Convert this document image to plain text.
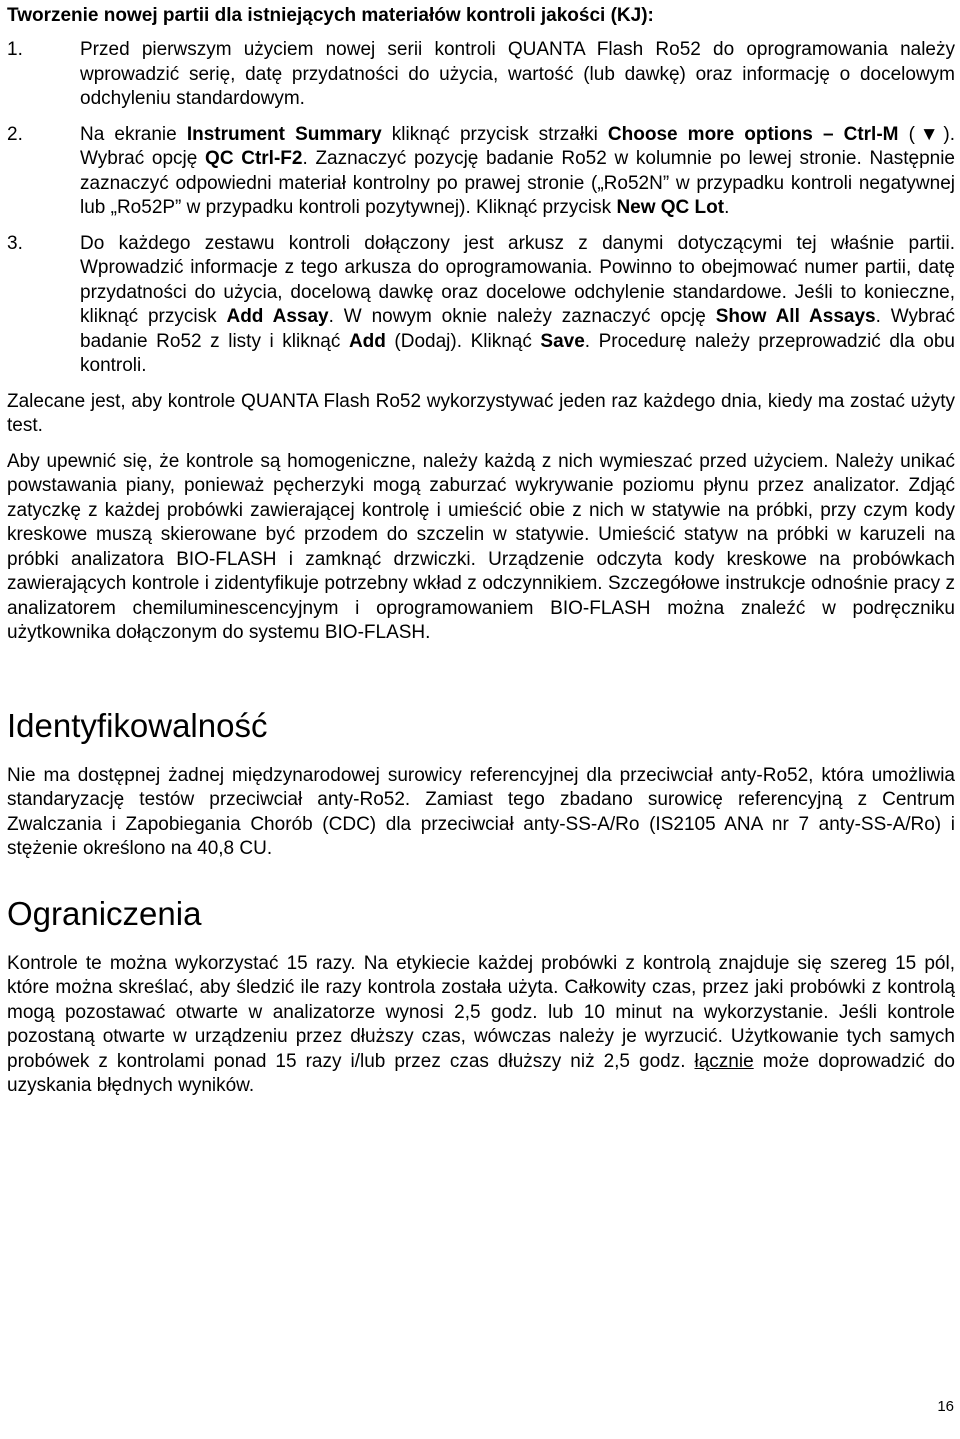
Tworzenie nowej partii dla istniejących materiałów kontroli jakości (KJ):
1.	Przed pierwszym użyciem nowej serii kontroli QUANTA Flash Ro52 do oprogramowania należy wprowadzić serię, datę przydatności do użycia, wartość (lub dawkę) oraz informację o docelowym odchyleniu standardowym.
2.	Na ekranie Instrument Summary kliknąć przycisk strzałki Choose more options – Ctrl-M (▼). Wybrać opcję QC Ctrl-F2. Zaznaczyć pozycję badanie Ro52 w kolumnie po lewej stronie. Następnie zaznaczyć odpowiedni materiał kontrolny po prawej stronie („Ro52N” w przypadku kontroli negatywnej lub „Ro52P” w przypadku kontroli pozytywnej). Kliknąć przycisk New QC Lot.
3.	Do każdego zestawu kontroli dołączony jest arkusz z danymi dotyczącymi tej właśnie partii. Wprowadzić informacje z tego arkusza do oprogramowania. Powinno to obejmować numer partii, datę przydatności do użycia, docelową dawkę oraz docelowe odchylenie standardowe. Jeśli to konieczne, kliknąć przycisk Add Assay. W nowym oknie należy zaznaczyć opcję Show All Assays. Wybrać badanie Ro52 z listy i kliknąć Add (Dodaj). Kliknąć Save. Procedurę należy przeprowadzić dla obu kontroli.

Zalecane jest, aby kontrole QUANTA Flash Ro52 wykorzystywać jeden raz każdego dnia, kiedy ma zostać użyty test.

Aby upewnić się, że kontrole są homogeniczne, należy każdą z nich wymieszać przed użyciem. Należy unikać powstawania piany, ponieważ pęcherzyki mogą zaburzać wykrywanie poziomu płynu przez analizator. Zdjąć zatyczkę z każdej probówki zawierającej kontrolę i umieścić obie z nich w statywie na próbki, przy czym kody kreskowe muszą skierowane być przodem do szczelin w statywie. Umieścić statyw na próbki w karuzeli na próbki analizatora BIO-FLASH i zamknąć drzwiczki. Urządzenie odczyta kody kreskowe na probówkach zawierających kontrole i zidentyfikuje potrzebny wkład z odczynnikiem. Szczegółowe instrukcje odnośnie pracy z analizatorem chemiluminescencyjnym i oprogramowaniem BIO-FLASH można znaleźć w podręczniku użytkownika dołączonym do systemu BIO-FLASH.

Identyfikowalność

Nie ma dostępnej żadnej międzynarodowej surowicy referencyjnej dla przeciwciał anty-Ro52, która umożliwia standaryzację testów przeciwciał anty-Ro52. Zamiast tego zbadano surowicę referencyjną z Centrum Zwalczania i Zapobiegania Chorób (CDC) dla przeciwciał anty-SS-A/Ro (IS2105 ANA nr 7 anty-SS-A/Ro) i stężenie określono na 40,8 CU.

Ograniczenia

Kontrole te można wykorzystać 15 razy. Na etykiecie każdej probówki z kontrolą znajduje się szereg 15 pól, które można skreślać, aby śledzić ile razy kontrola została użyta. Całkowity czas, przez jaki probówki z kontrolą mogą pozostawać otwarte w analizatorze wynosi 2,5 godz. lub 10 minut na wykorzystanie. Jeśli kontrole pozostaną otwarte w urządzeniu przez dłuższy czas, wówczas należy je wyrzucić. Użytkowanie tych samych probówek z kontrolami ponad 15 razy i/lub przez czas dłuższy niż 2,5 godz. łącznie może doprowadzić do uzyskania błędnych wyników.

16
